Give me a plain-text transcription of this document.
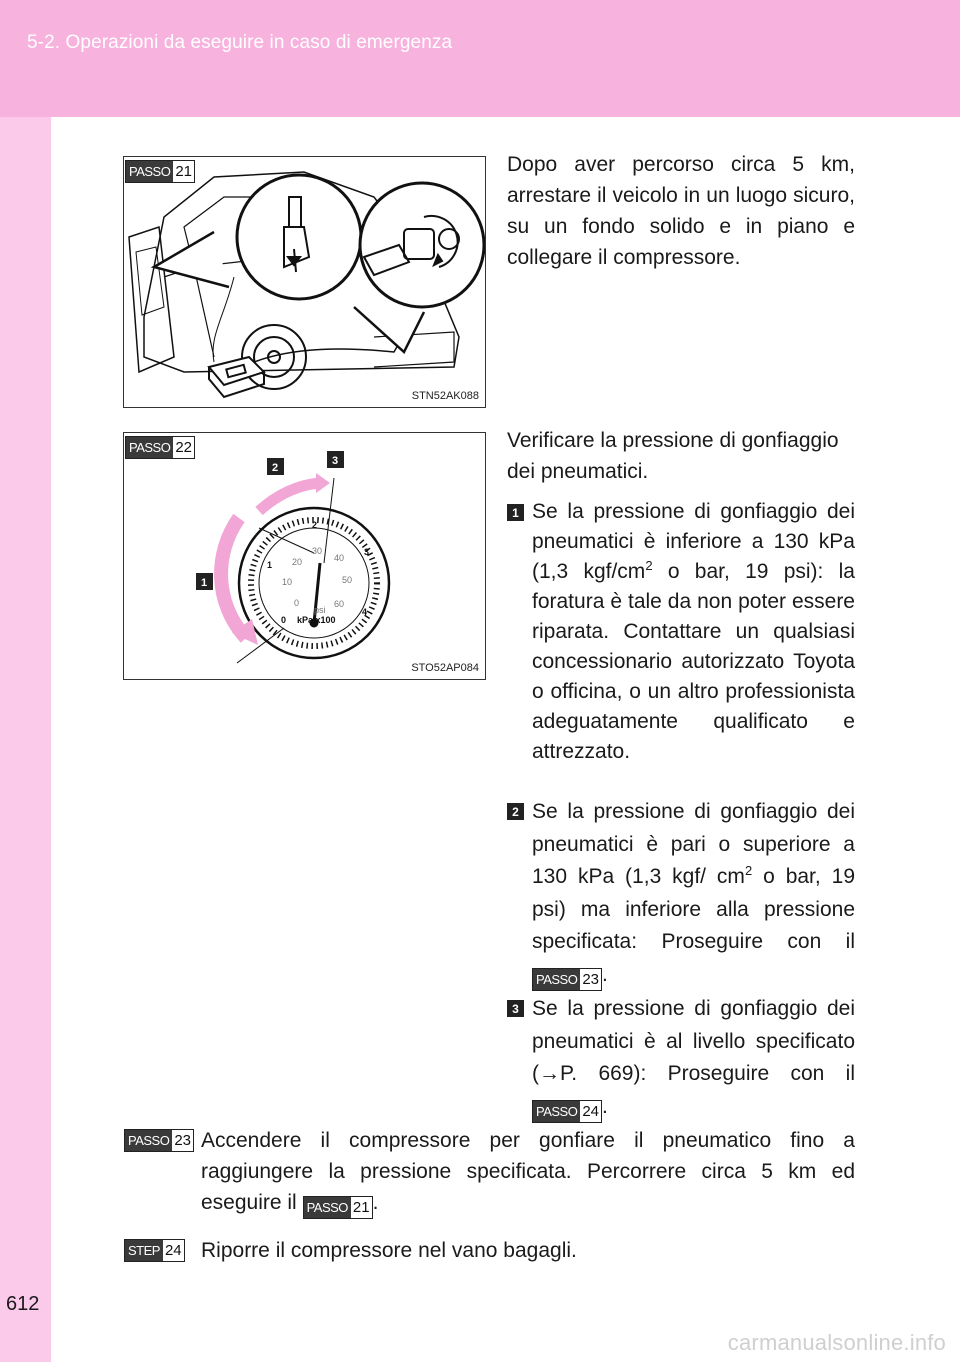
5-2. Operazioni da eseguire in caso di emergenza
612
PASSO 21
STN52AK088
0
1
2
3
4
0
10
20
30
40
50
60
psi
kPa x100
1
2
3
PASSO 22
STO52AP084
Dopo aver percorso circa 5 km, arrestare il veicolo in un luogo sicuro, su un fondo solido e in piano e collegare il compressore.
Verificare la pressione di gonfiaggio dei pneumatici.
1 Se la pressione di gonfiaggio dei pneumatici è inferiore a 130 kPa (1,3 kgf/$cm^2$ o bar, 19 psi): la foratura è tale da non poter essere riparata. Contattare un qualsiasi concessionario autorizzato Toyota o officina, o un altro professionista adeguatamente qualificato e attrezzato.
2 Se la pressione di gonfiaggio dei pneumatici è pari o superiore a 130 kPa (1,3 kgf/ $cm^2$ o bar, 19 psi) ma inferiore alla pressione specificata: Proseguire con il
PASSO 23 .
3 Se la pressione di gonfiaggio dei pneumatici è al livello specificato (→P. 669): Proseguire con il
PASSO 24 .
PASSO 23 Accendere il compressore per gonfiare il pneumatico fino a raggiungere la pressione specificata. Percorrere circa 5 km ed eseguire il PASSO 21 .
STEP 24 Riporre il compressore nel vano bagagli.
carmanualsonline.info
